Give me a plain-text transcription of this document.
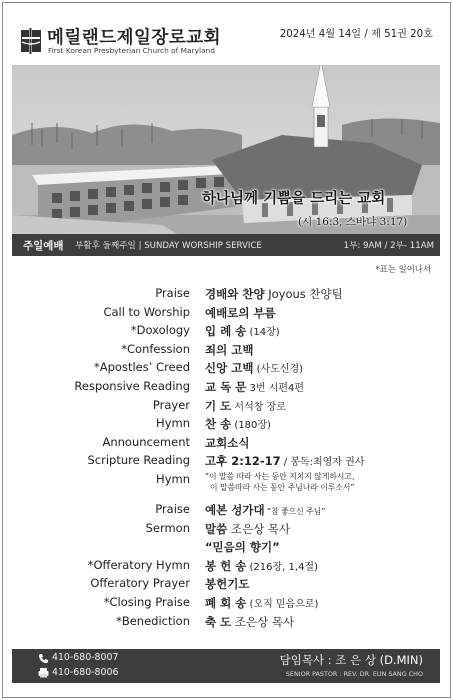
메릴랜드제일장로교회
First Korean Presbyterian Church of Maryland
2024년 4월 14일 / 제 51권 20호
하나님께 기쁨을 드리는 교회
(시 16:3, 스바냐 3:17)
주일예배 부활후 둘째주일 | SUNDAY WORSHIP SERVICE	1부: 9AM / 2부- 11AM
*표는 일어나서
Praise 경배와 찬양 Joyous 찬양팀
Call to Worship 예배로의 부름
*Doxology 입 례 송 (14장)
*Confession 죄의 고백
*Apostles’ Creed 신앙 고백 (사도신경)
Responsive Reading 교 독 문 3번 시편4편
Prayer 기 도 서석창 장로
Hymn 찬 송 (180장)
Announcement 교회소식
Scripture Reading 고후 2:12-17 / 봉독:최영자 권사
Hymn “이 말씀 따라 사는 동안 지치지 않게하시고,
이 말씀따라 사는 동안 주님나라 이루소서”
Praise 예본 성가대 “참 좋으신 주님”
Sermon 말씀 조은상 목사
“믿음의 향기”
*Offeratory Hymn 봉 헌 송 (216장, 1,4절)
Offeratory Prayer 봉헌기도
*Closing Praise 폐 회 송 (오직 믿음으로)
*Benediction 축 도 조은상 목사
410-680-8007
410-680-8006
담임목사 : 조 은 상 (D.MIN)
SENIOR PASTOR : REV. DR. EUN SANG CHO
